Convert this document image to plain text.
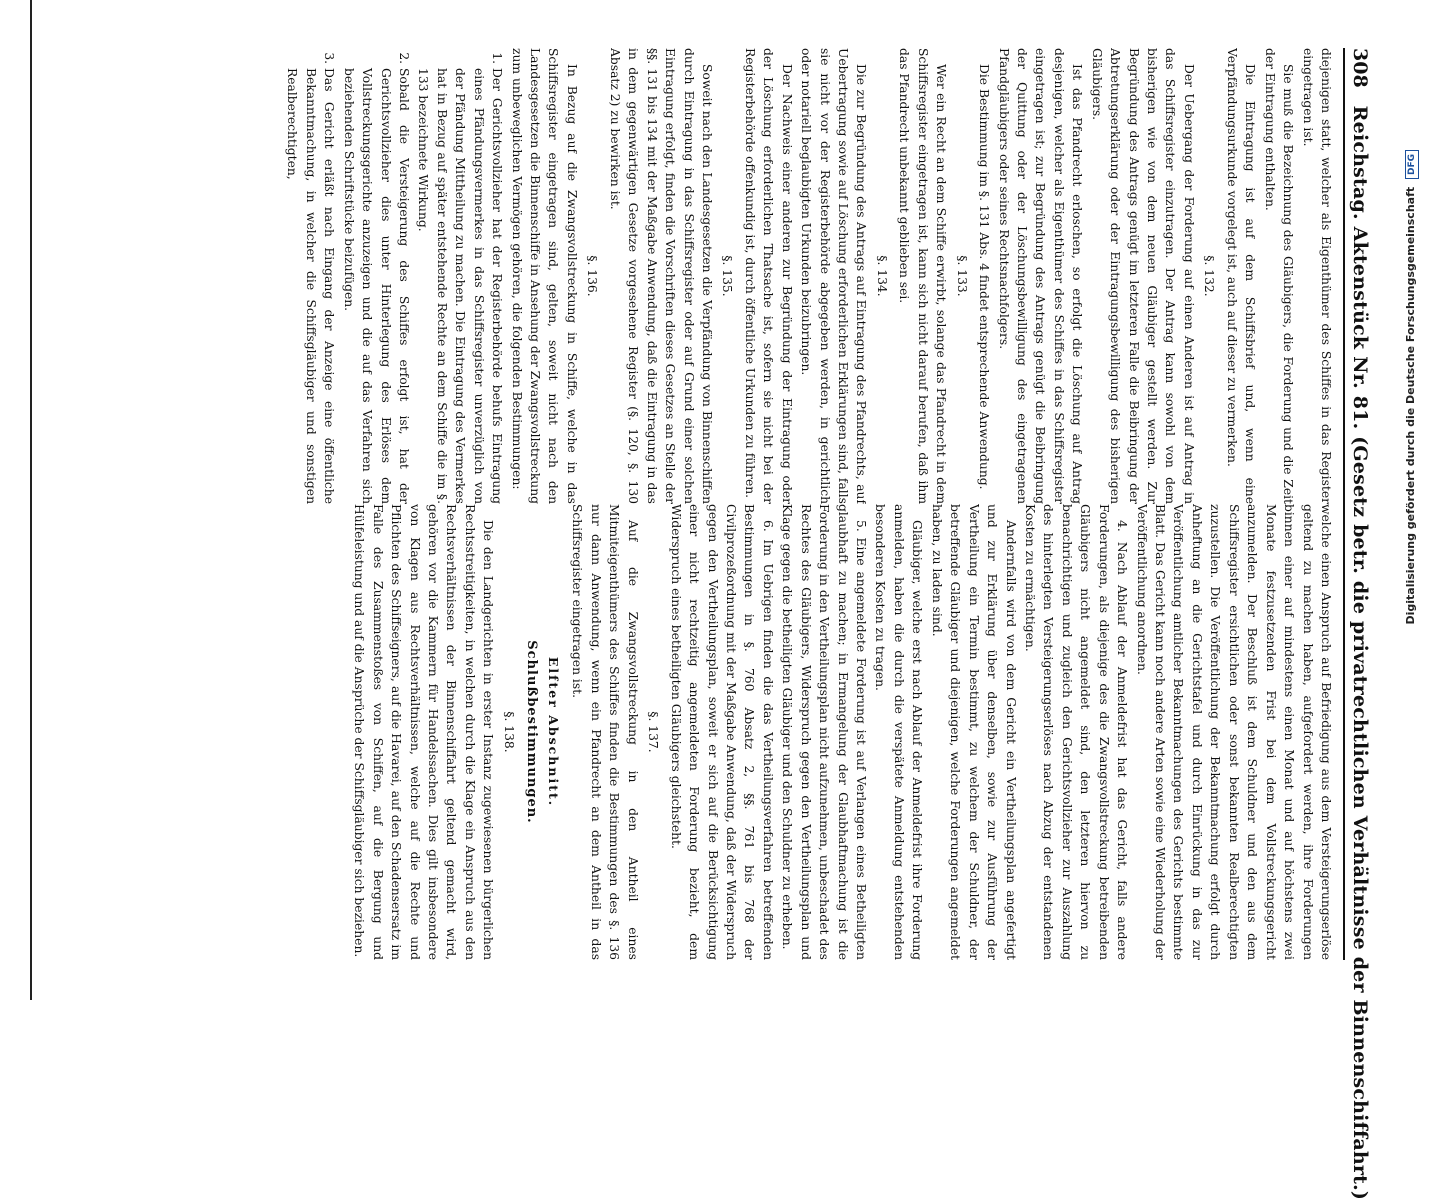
308
Reichstag. Aktenstück Nr. 81. (Gesetz betr. die privatrechtlichen Verhältnisse der Binnenschiffahrt.)

diejenigen statt, welcher als Eigenthümer des Schiffes in das Register eingetragen ist.

Sie muß die Bezeichnung des Gläubigers, die Forderung und die Zeit der Eintragung enthalten.

Die Eintragung ist auf dem Schiffsbrief und, wenn eine Verpfändungsurkunde vorgelegt ist, auch auf dieser zu vermerken.

§. 132.

Der Uebergang der Forderung auf einen Anderen ist auf Antrag in das Schiffsregister einzutragen. Der Antrag kann sowohl von dem bisherigen wie von dem neuen Gläubiger gestellt werden. Zur Begründung des Antrags genügt im letzteren Falle die Beibringung der Abtretungserklärung oder der Eintragungsbewilligung des bisherigen Gläubigers.

Ist das Pfandrecht erloschen, so erfolgt die Löschung auf Antrag desjenigen, welcher als Eigenthümer des Schiffes in das Schiffsregister eingetragen ist; zur Begründung des Antrags genügt die Beibringung der Quittung oder der Löschungsbewilligung des eingetragenen Pfandgläubigers oder seines Rechtsnachfolgers.

Die Bestimmung im §. 131 Abs. 4 findet entsprechende Anwendung.

§. 133.

Wer ein Recht an dem Schiffe erwirbt, solange das Pfandrecht in dem Schiffsregister eingetragen ist, kann sich nicht darauf berufen, daß ihm das Pfandrecht unbekannt geblieben sei.

§. 134.

Die zur Begründung des Antrags auf Eintragung des Pfandrechts, auf Uebertragung sowie auf Löschung erforderlichen Erklärungen sind, falls sie nicht vor der Registerbehörde abgegeben werden, in gerichtlich oder notariell beglaubigten Urkunden beizubringen.

Der Nachweis einer anderen zur Begründung der Eintragung oder der Löschung erforderlichen Thatsache ist, sofern sie nicht bei der Registerbehörde offenkundig ist, durch öffentliche Urkunden zu führen.

§. 135.

Soweit nach den Landesgesetzen die Verpfändung von Binnenschiffen durch Eintragung in das Schiffsregister oder auf Grund einer solchen Eintragung erfolgt, finden die Vorschriften dieses Gesetzes an Stelle der §§. 131 bis 134 mit der Maßgabe Anwendung, daß die Eintragung in das in dem gegenwärtigen Gesetze vorgesehene Register (§. 120, §. 130 Absatz 2) zu bewirken ist.

§. 136.

In Bezug auf die Zwangsvollstreckung in Schiffe, welche in das Schiffsregister eingetragen sind, gelten, soweit nicht nach den Landesgesetzen die Binnenschiffe in Ansehung der Zwangsvollstreckung zum unbeweglichen Vermögen gehören, die folgenden Bestimmungen:

1. Der Gerichtsvollzieher hat der Registerbehörde behufs Eintragung eines Pfändungsvermerkes in das Schiffsregister unverzüglich von der Pfändung Mittheilung zu machen. Die Eintragung des Vermerkes hat in Bezug auf später entstehende Rechte an dem Schiffe die im §. 133 bezeichnete Wirkung.
2. Sobald die Versteigerung des Schiffes erfolgt ist, hat der Gerichtsvollzieher dies unter Hinterlegung des Erlöses dem Vollstreckungsgerichte anzuzeigen und die auf das Verfahren sich beziehenden Schriftstücke beizufügen.
3. Das Gericht erläßt nach Eingang der Anzeige eine öffentliche Bekanntmachung, in welcher die Schiffsgläubiger und sonstigen Realberechtigten,

welche einen Anspruch auf Befriedigung aus dem Versteigerungserlöse geltend zu machen haben, aufgefordert werden, ihre Forderungen binnen einer auf mindestens einen Monat und auf höchstens zwei Monate festzusetzenden Frist bei dem Vollstreckungsgericht anzumelden. Der Beschluß ist dem Schuldner und den aus dem Schiffsregister ersichtlichen oder sonst bekannten Realberechtigten zuzustellen. Die Veröffentlichung der Bekanntmachung erfolgt durch Anheftung an die Gerichtstafel und durch Einrückung in das zur Veröffentlichung amtlicher Bekanntmachungen des Gerichts bestimmte Blatt. Das Gericht kann noch andere Arten sowie eine Wiederholung der Veröffentlichung anordnen.

4. Nach Ablauf der Anmeldefrist hat das Gericht, falls andere Forderungen, als diejenige des die Zwangsvollstreckung betreibenden Gläubigers nicht angemeldet sind, den letzteren hiervon zu benachrichtigen und zugleich den Gerichtsvollzieher zur Auszahlung des hinterlegten Versteigerungserlöses nach Abzug der entstandenen Kosten zu ermächtigen.

Andernfalls wird von dem Gericht ein Vertheilungsplan angefertigt und zur Erklärung über denselben, sowie zur Ausführung der Vertheilung ein Termin bestimmt, zu welchem der Schuldner, der betreffende Gläubiger und diejenigen, welche Forderungen angemeldet haben, zu laden sind.

Gläubiger, welche erst nach Ablauf der Anmeldefrist ihre Forderung anmelden, haben die durch die verspätete Anmeldung entstehenden besonderen Kosten zu tragen.

5. Eine angemeldete Forderung ist auf Verlangen eines Betheiligten glaubhaft zu machen; in Ermangelung der Glaubhaftmachung ist die Forderung in den Vertheilungsplan nicht aufzunehmen, unbeschadet des Rechtes des Gläubigers, Widerspruch gegen den Vertheilungsplan und Klage gegen die betheiligten Gläubiger und den Schuldner zu erheben.

6. Im Uebrigen finden die das Vertheilungsverfahren betreffenden Bestimmungen in §. 760 Absatz 2, §§. 761 bis 768 der Civilprozeßordnung mit der Maßgabe Anwendung, daß der Widerspruch gegen den Vertheilungsplan, soweit er sich auf die Berücksichtigung einer nicht rechtzeitig angemeldeten Forderung bezieht, dem Widerspruch eines betheiligten Gläubigers gleichsteht.

§. 137.

Auf die Zwangsvollstreckung in den Antheil eines Mitmiteigenthümers des Schiffes finden die Bestimmungen des §. 136 nur dann Anwendung, wenn ein Pfandrecht an dem Antheil in das Schiffsregister eingetragen ist.

Elfter Abschnitt.
Schlußbestimmungen.
§. 138.

Die den Landgerichten in erster Instanz zugewiesenen bürgerlichen Rechtsstreitigkeiten, in welchen durch die Klage ein Anspruch aus den Rechtsverhältnissen der Binnenschiffahrt geltend gemacht wird, gehören vor die Kammern für Handelssachen. Dies gilt insbesondere von Klagen aus Rechtsverhältnissen, welche auf die Rechte und Pflichten des Schiffseigners, auf die Havarei, auf den Schadensersatz im Falle des Zusammenstoßes von Schiffen, auf die Bergung und Hülfeleistung und auf die Ansprüche der Schiffsgläubiger sich beziehen.

Digitalisierung gefördert durch die Deutsche Forschungsgemeinschaft DFG
